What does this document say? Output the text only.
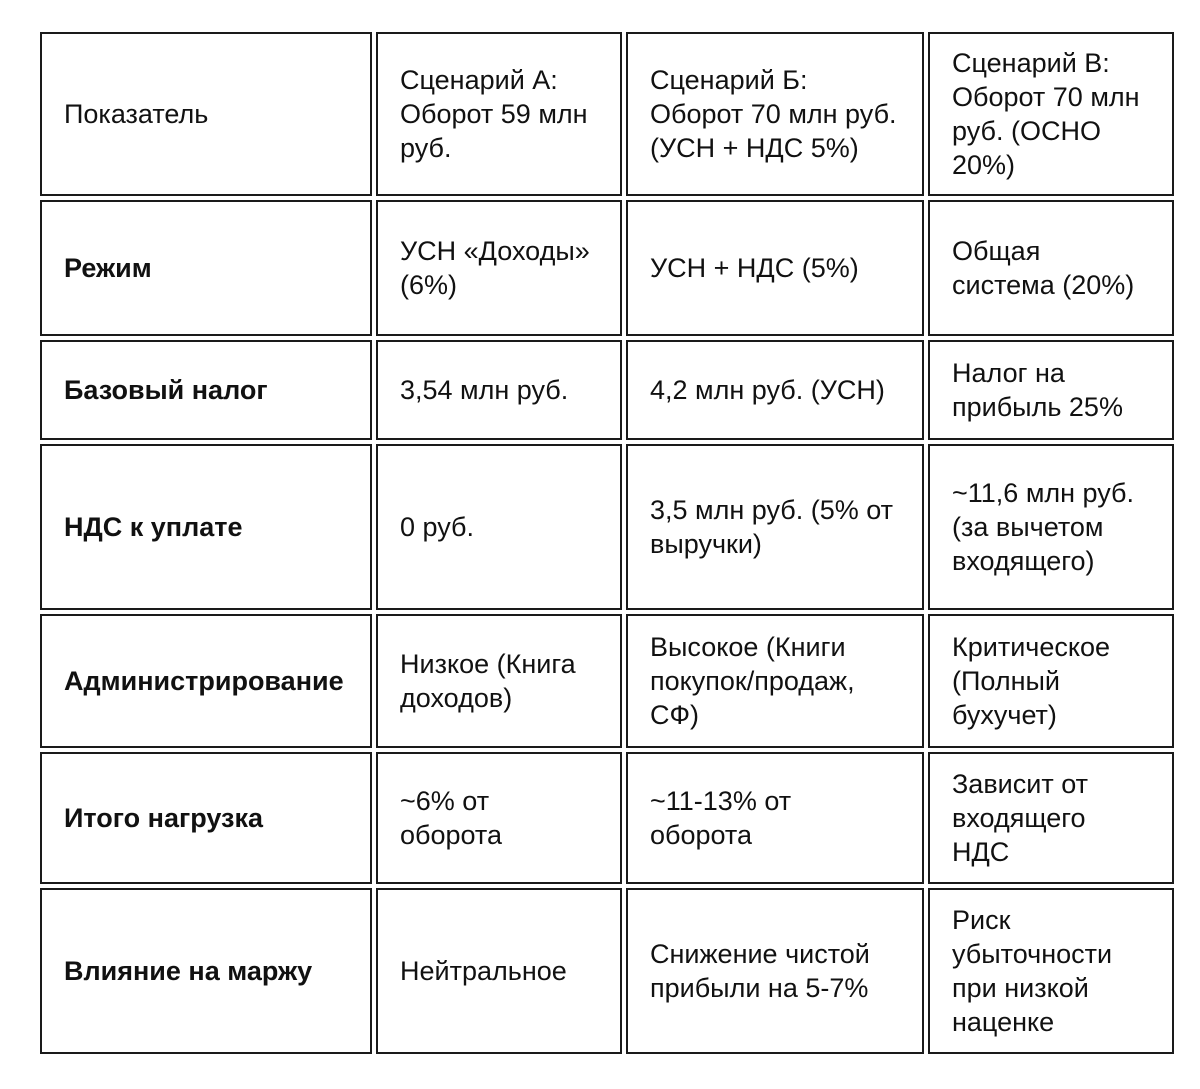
Показатель	Сценарий А: Оборот 59 млн руб.	Сценарий Б: Оборот 70 млн руб. (УСН + НДС 5%)	Сценарий В: Оборот 70 млн руб. (ОСНО 20%)
Режим	УСН «Доходы» (6%)	УСН + НДС (5%)	Общая система (20%)
Базовый налог	3,54 млн руб.	4,2 млн руб. (УСН)	Налог на прибыль 25%
НДС к уплате	0 руб.	3,5 млн руб. (5% от выручки)	~11,6 млн руб. (за вычетом входящего)
Администрирование	Низкое (Книга доходов)	Высокое (Книги покупок/продаж, СФ)	Критическое (Полный бухучет)
Итого нагрузка	~6% от оборота	~11-13% от оборота	Зависит от входящего НДС
Влияние на маржу	Нейтральное	Снижение чистой прибыли на 5-7%	Риск убыточности при низкой наценке
